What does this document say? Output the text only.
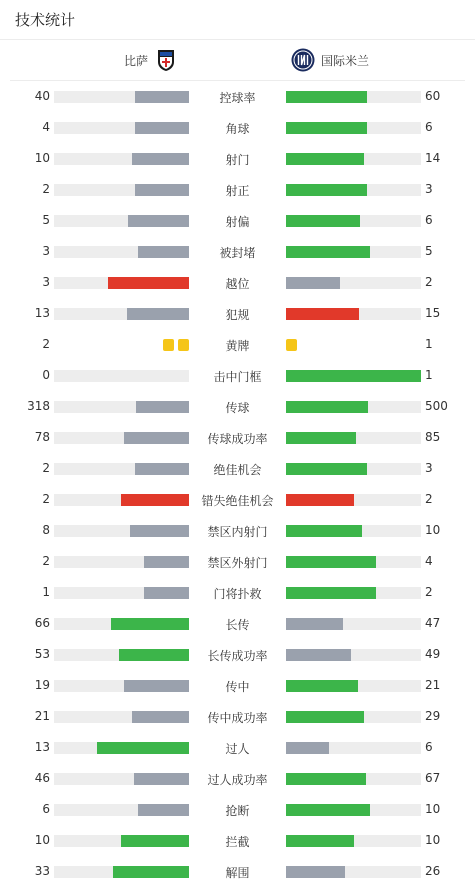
技术统计
比萨	国际米兰
40	控球率	60
4	角球	6
10	射门	14
2	射正	3
5	射偏	6
3	被封堵	5
3	越位	2
13	犯规	15
2	黄牌	1
0	击中门框	1
318	传球	500
78	传球成功率	85
2	绝佳机会	3
2	错失绝佳机会	2
8	禁区内射门	10
2	禁区外射门	4
1	门将扑救	2
66	长传	47
53	长传成功率	49
19	传中	21
21	传中成功率	29
13	过人	6
46	过人成功率	67
6	抢断	10
10	拦截	10
33	解围	26
